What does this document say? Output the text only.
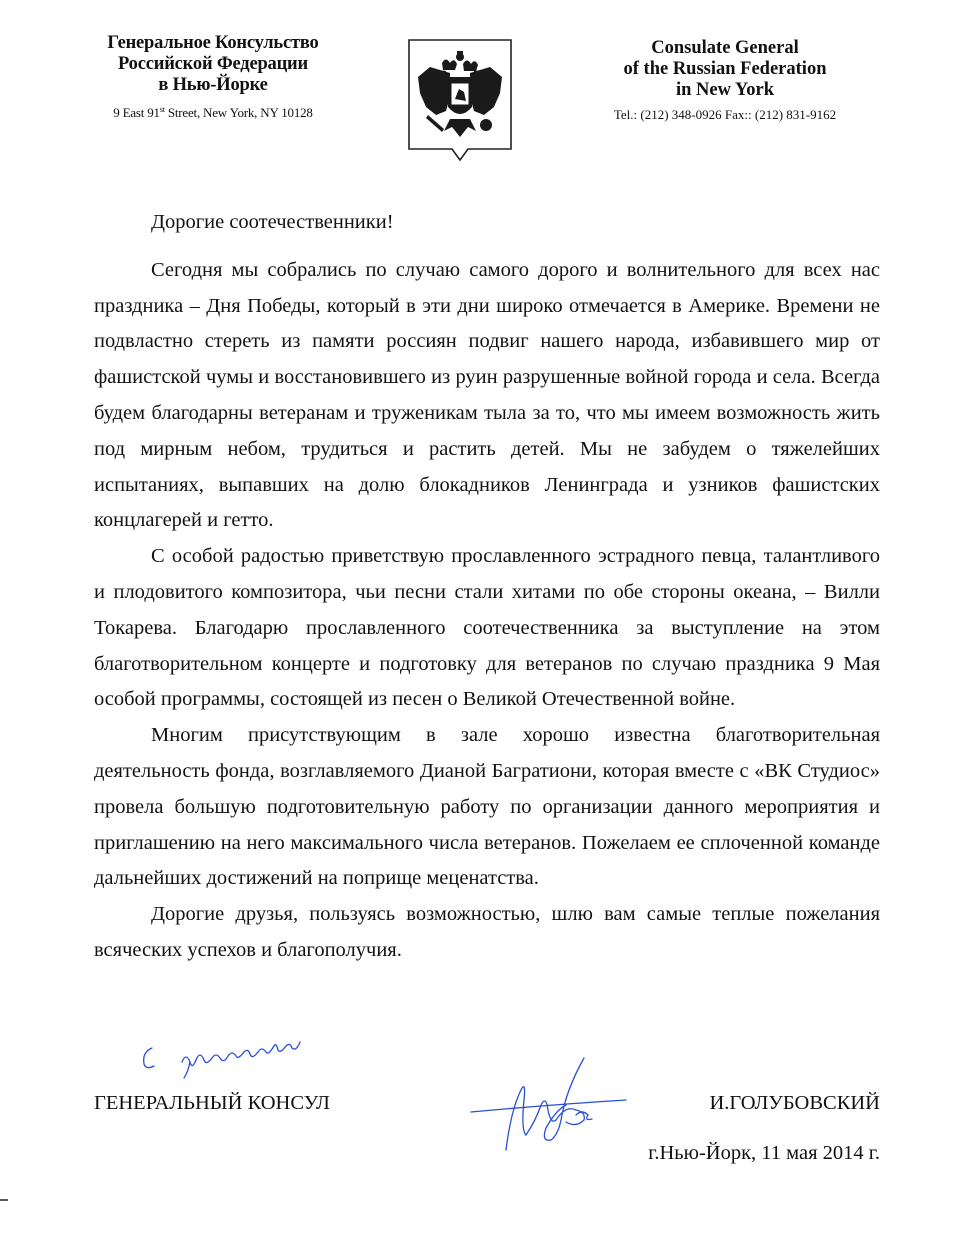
Генеральное Консульство
Российской Федерации
в Нью-Йорке
9 East 91st Street, New York, NY 10128
Consulate General
of the Russian Federation
in New York
Tel.: (212) 348-0926 Fax:: (212) 831-9162

Дорогие соотечественники!

Сегодня мы собрались по случаю самого дорого и волнительного для всех нас праздника – Дня Победы, который в эти дни широко отмечается в Америке. Времени не подвластно стереть из памяти россиян подвиг нашего народа, избавившего мир от фашистской чумы и восстановившего из руин разрушенные войной города и села. Всегда будем благодарны ветеранам и труженикам тыла за то, что мы имеем возможность жить под мирным небом, трудиться и растить детей. Мы не забудем о тяжелейших испытаниях, выпавших на долю блокадников Ленинграда и узников фашистских концлагерей и гетто.

С особой радостью приветствую прославленного эстрадного певца, талантливого и плодовитого композитора, чьи песни стали хитами по обе стороны океана, – Вилли Токарева. Благодарю прославленного соотечественника за выступление на этом благотворительном концерте и подготовку для ветеранов по случаю праздника 9 Мая особой программы, состоящей из песен о Великой Отечественной войне.

Многим присутствующим в зале хорошо известна благотворительная деятельность фонда, возглавляемого Дианой Багратиони, которая вместе с «ВК Студиос» провела большую подготовительную работу по организации данного мероприятия и приглашению на него максимального числа ветеранов. Пожелаем ее сплоченной команде дальнейших достижений на поприще меценатства.

Дорогие друзья, пользуясь возможностью, шлю вам самые теплые пожелания всяческих успехов и благополучия.

ГЕНЕРАЛЬНЫЙ КОНСУЛ	И.ГОЛУБОВСКИЙ
г.Нью-Йорк, 11 мая 2014 г.
